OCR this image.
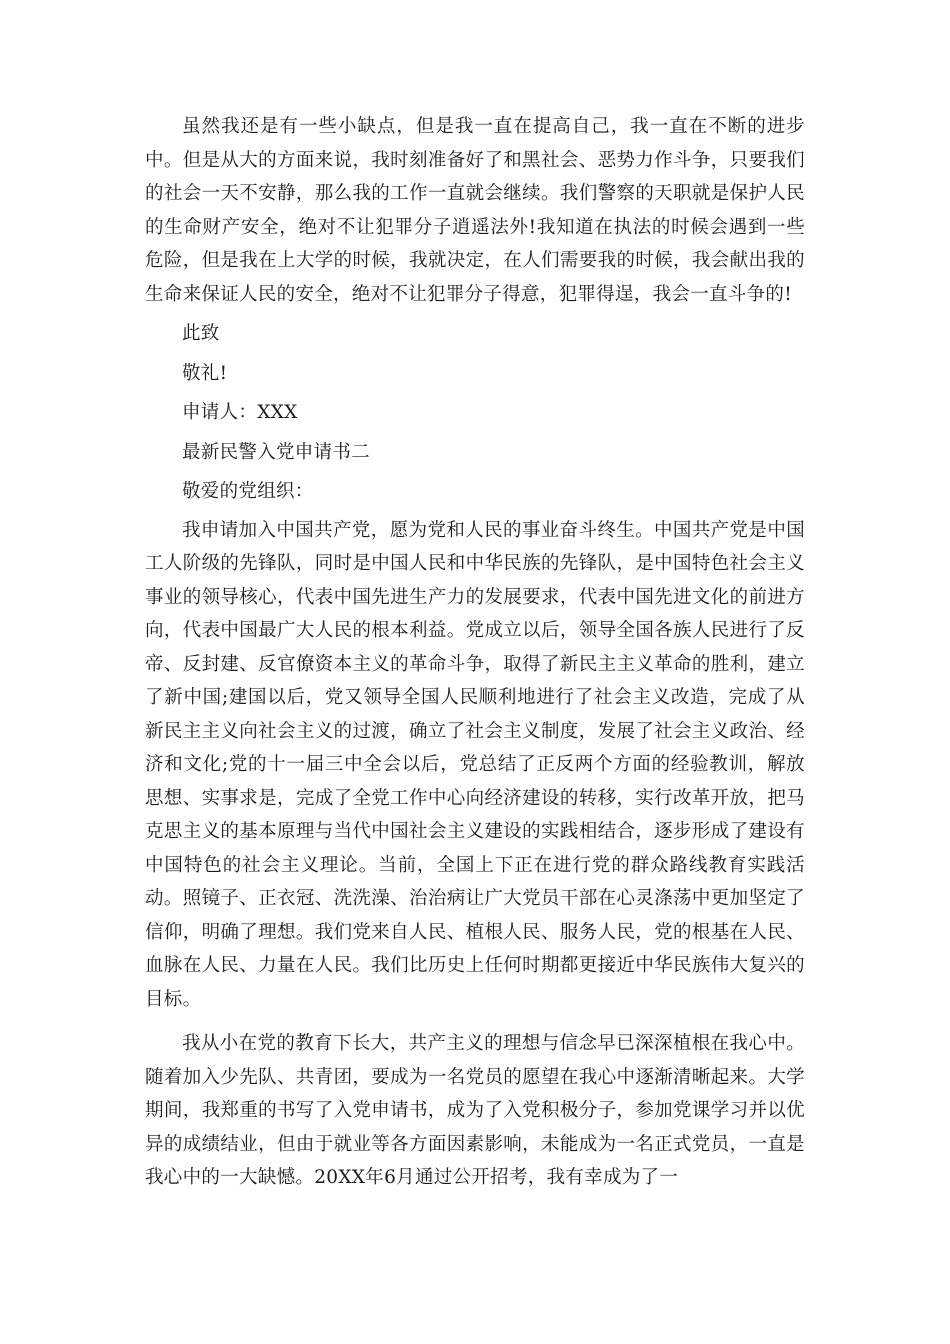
虽然我还是有一些小缺点，但是我一直在提高自己，我一直在不断的进步中。但是从大的方面来说，我时刻准备好了和黑社会、恶势力作斗争，只要我们的社会一天不安静，那么我的工作一直就会继续。我们警察的天职就是保护人民的生命财产安全，绝对不让犯罪分子逍遥法外!我知道在执法的时候会遇到一些危险，但是我在上大学的时候，我就决定，在人们需要我的时候，我会献出我的生命来保证人民的安全，绝对不让犯罪分子得意，犯罪得逞，我会一直斗争的!

此致

敬礼!

申请人：XXX

最新民警入党申请书二

敬爱的党组织：

我申请加入中国共产党，愿为党和人民的事业奋斗终生。中国共产党是中国工人阶级的先锋队，同时是中国人民和中华民族的先锋队，是中国特色社会主义事业的领导核心，代表中国先进生产力的发展要求，代表中国先进文化的前进方向，代表中国最广大人民的根本利益。党成立以后，领导全国各族人民进行了反帝、反封建、反官僚资本主义的革命斗争，取得了新民主主义革命的胜利，建立了新中国;建国以后，党又领导全国人民顺利地进行了社会主义改造，完成了从新民主主义向社会主义的过渡，确立了社会主义制度，发展了社会主义政治、经济和文化;党的十一届三中全会以后，党总结了正反两个方面的经验教训，解放思想、实事求是，完成了全党工作中心向经济建设的转移，实行改革开放，把马克思主义的基本原理与当代中国社会主义建设的实践相结合，逐步形成了建设有中国特色的社会主义理论。当前，全国上下正在进行党的群众路线教育实践活动。照镜子、正衣冠、洗洗澡、治治病让广大党员干部在心灵涤荡中更加坚定了信仰，明确了理想。我们党来自人民、植根人民、服务人民，党的根基在人民、血脉在人民、力量在人民。我们比历史上任何时期都更接近中华民族伟大复兴的目标。

我从小在党的教育下长大，共产主义的理想与信念早已深深植根在我心中。随着加入少先队、共青团，要成为一名党员的愿望在我心中逐渐清晰起来。大学期间，我郑重的书写了入党申请书，成为了入党积极分子，参加党课学习并以优异的成绩结业，但由于就业等各方面因素影响，未能成为一名正式党员，一直是我心中的一大缺憾。20XX年6月通过公开招考，我有幸成为了一
